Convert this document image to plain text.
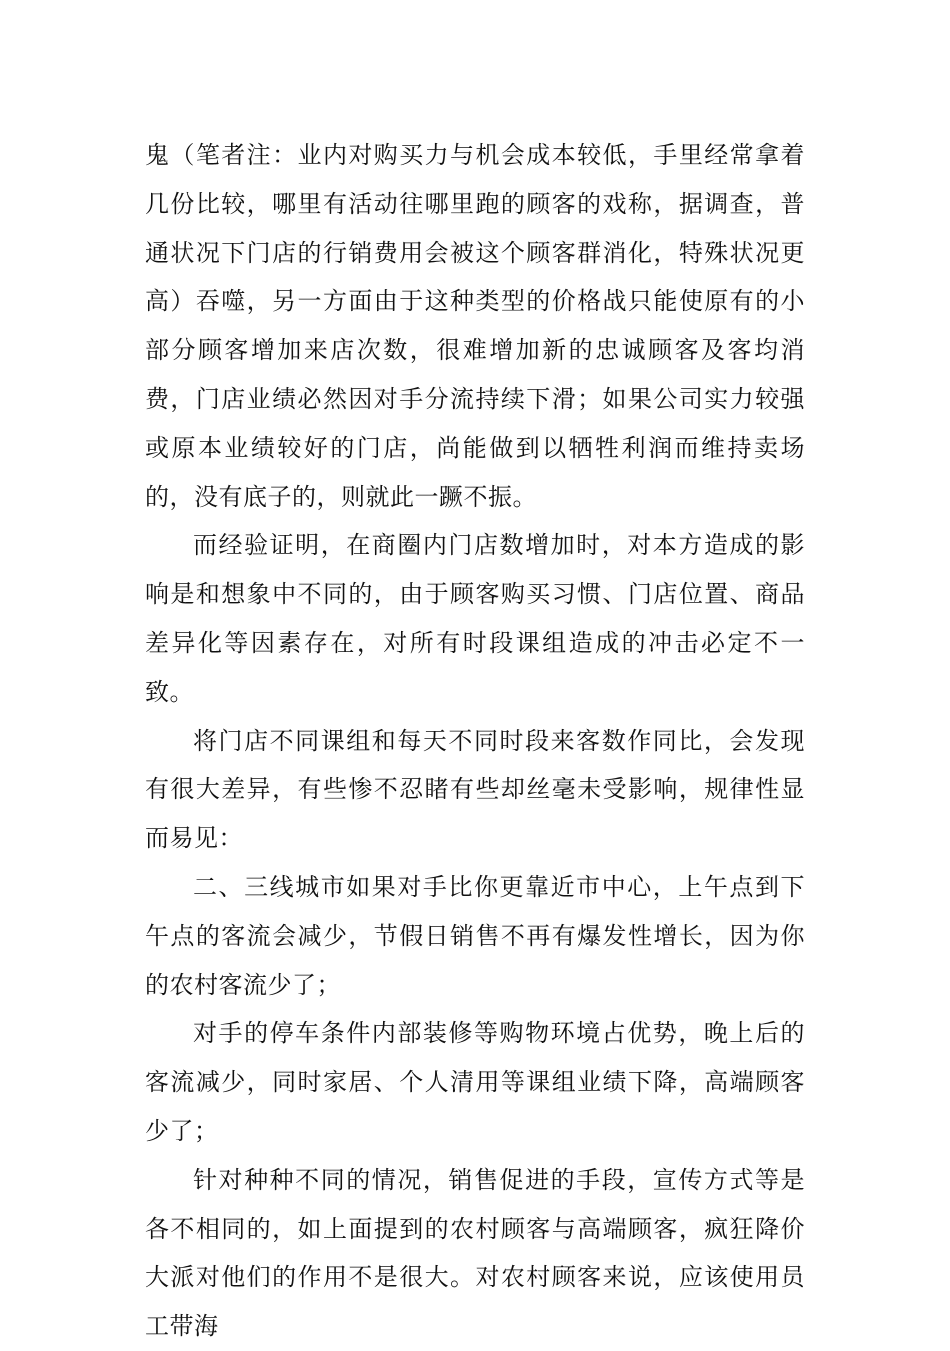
鬼（笔者注：业内对购买力与机会成本较低，手里经常拿着几份比较，哪里有活动往哪里跑的顾客的戏称，据调查，普通状况下门店的行销费用会被这个顾客群消化，特殊状况更高）吞噬，另一方面由于这种类型的价格战只能使原有的小部分顾客增加来店次数，很难增加新的忠诚顾客及客均消费，门店业绩必然因对手分流持续下滑；如果公司实力较强或原本业绩较好的门店，尚能做到以牺牲利润而维持卖场的，没有底子的，则就此一蹶不振。

而经验证明，在商圈内门店数增加时，对本方造成的影响是和想象中不同的，由于顾客购买习惯、门店位置、商品差异化等因素存在，对所有时段课组造成的冲击必定不一致。

将门店不同课组和每天不同时段来客数作同比，会发现有很大差异，有些惨不忍睹有些却丝毫未受影响，规律性显而易见：

二、三线城市如果对手比你更靠近市中心，上午点到下午点的客流会减少，节假日销售不再有爆发性增长，因为你的农村客流少了；

对手的停车条件内部装修等购物环境占优势，晚上后的客流减少，同时家居、个人清用等课组业绩下降，高端顾客少了；

针对种种不同的情况，销售促进的手段，宣传方式等是各不相同的，如上面提到的农村顾客与高端顾客，疯狂降价大派对他们的作用不是很大。对农村顾客来说，应该使用员工带海
